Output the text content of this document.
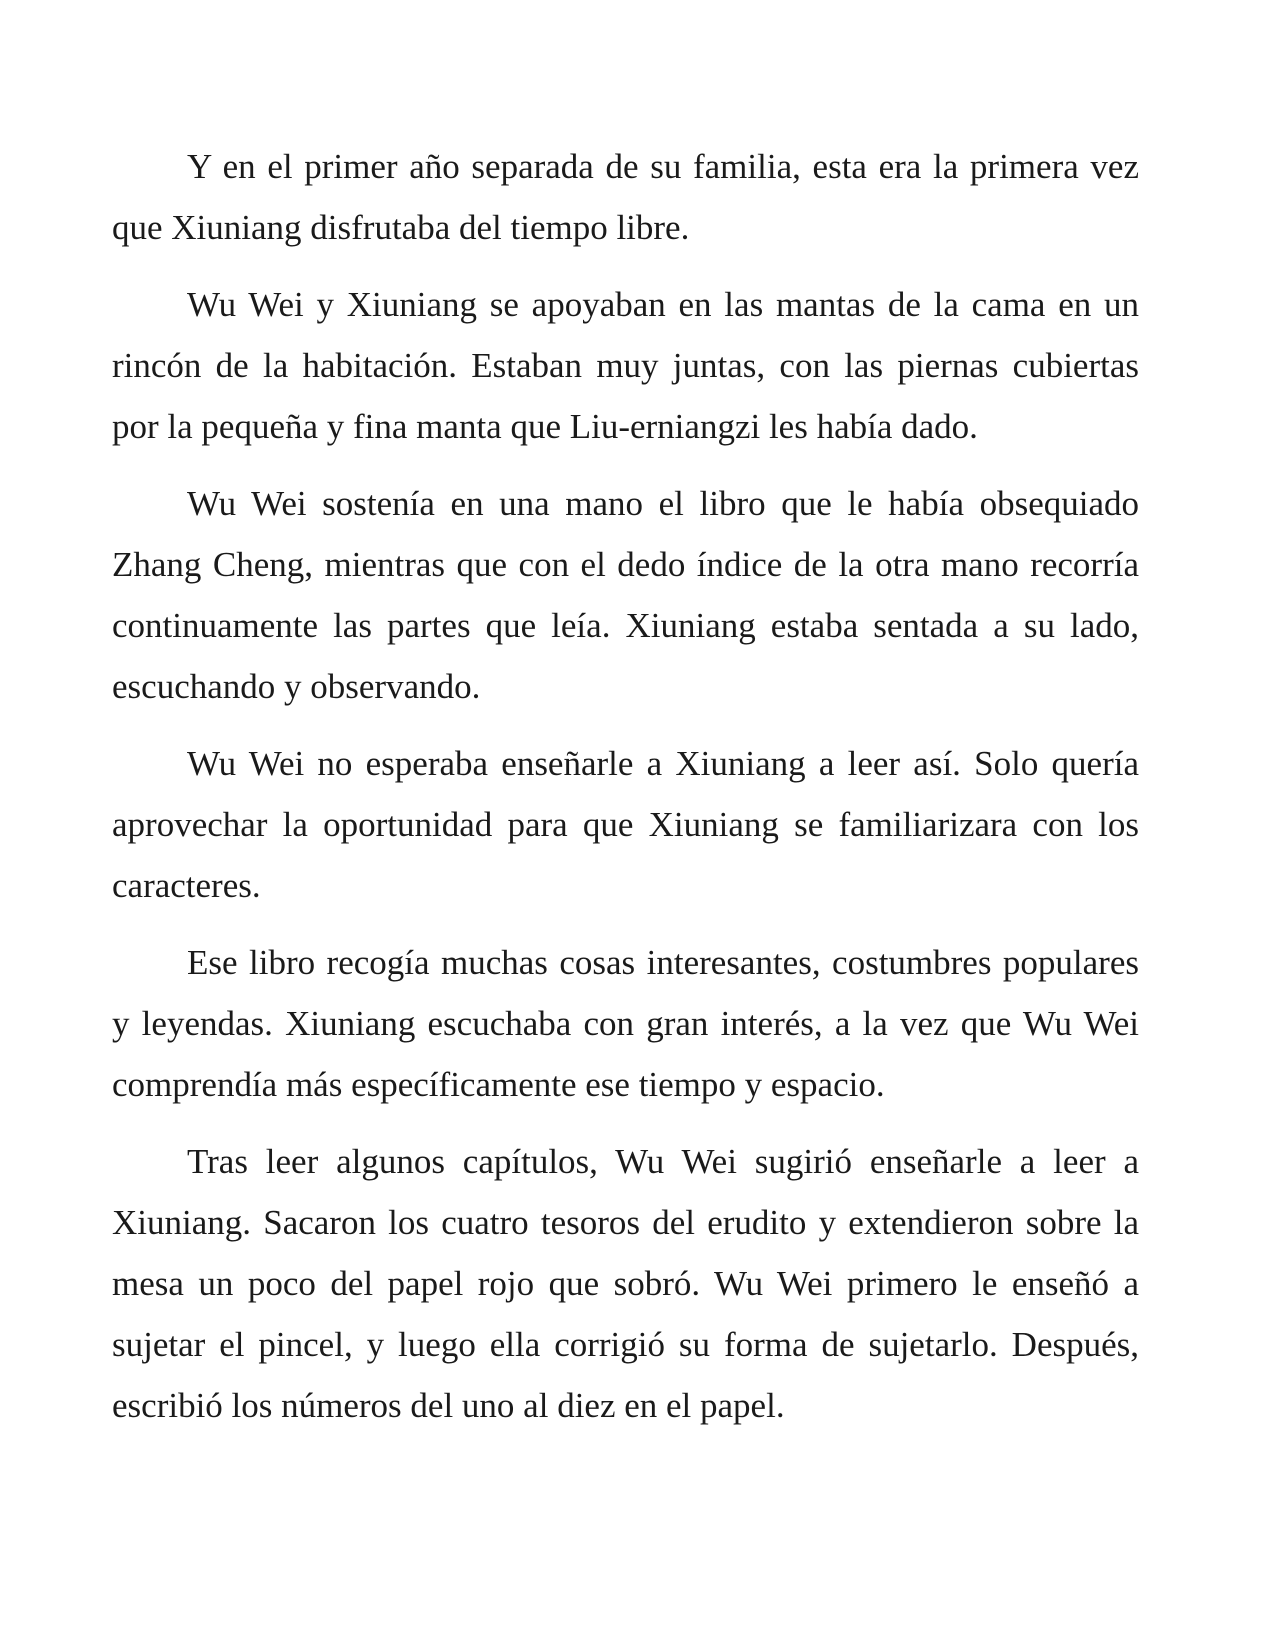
Y en el primer año separada de su familia, esta era la primera vez que Xiuniang disfrutaba del tiempo libre.

Wu Wei y Xiuniang se apoyaban en las mantas de la cama en un rincón de la habitación. Estaban muy juntas, con las piernas cubiertas por la pequeña y fina manta que Liu-erniangzi les había dado.

Wu Wei sostenía en una mano el libro que le había obsequiado Zhang Cheng, mientras que con el dedo índice de la otra mano recorría continuamente las partes que leía. Xiuniang estaba sentada a su lado, escuchando y observando.

Wu Wei no esperaba enseñarle a Xiuniang a leer así. Solo quería aprovechar la oportunidad para que Xiuniang se familiarizara con los caracteres.

Ese libro recogía muchas cosas interesantes, costumbres populares y leyendas. Xiuniang escuchaba con gran interés, a la vez que Wu Wei comprendía más específicamente ese tiempo y espacio.

Tras leer algunos capítulos, Wu Wei sugirió enseñarle a leer a Xiuniang. Sacaron los cuatro tesoros del erudito y extendieron sobre la mesa un poco del papel rojo que sobró. Wu Wei primero le enseñó a sujetar el pincel, y luego ella corrigió su forma de sujetarlo. Después, escribió los números del uno al diez en el papel.
